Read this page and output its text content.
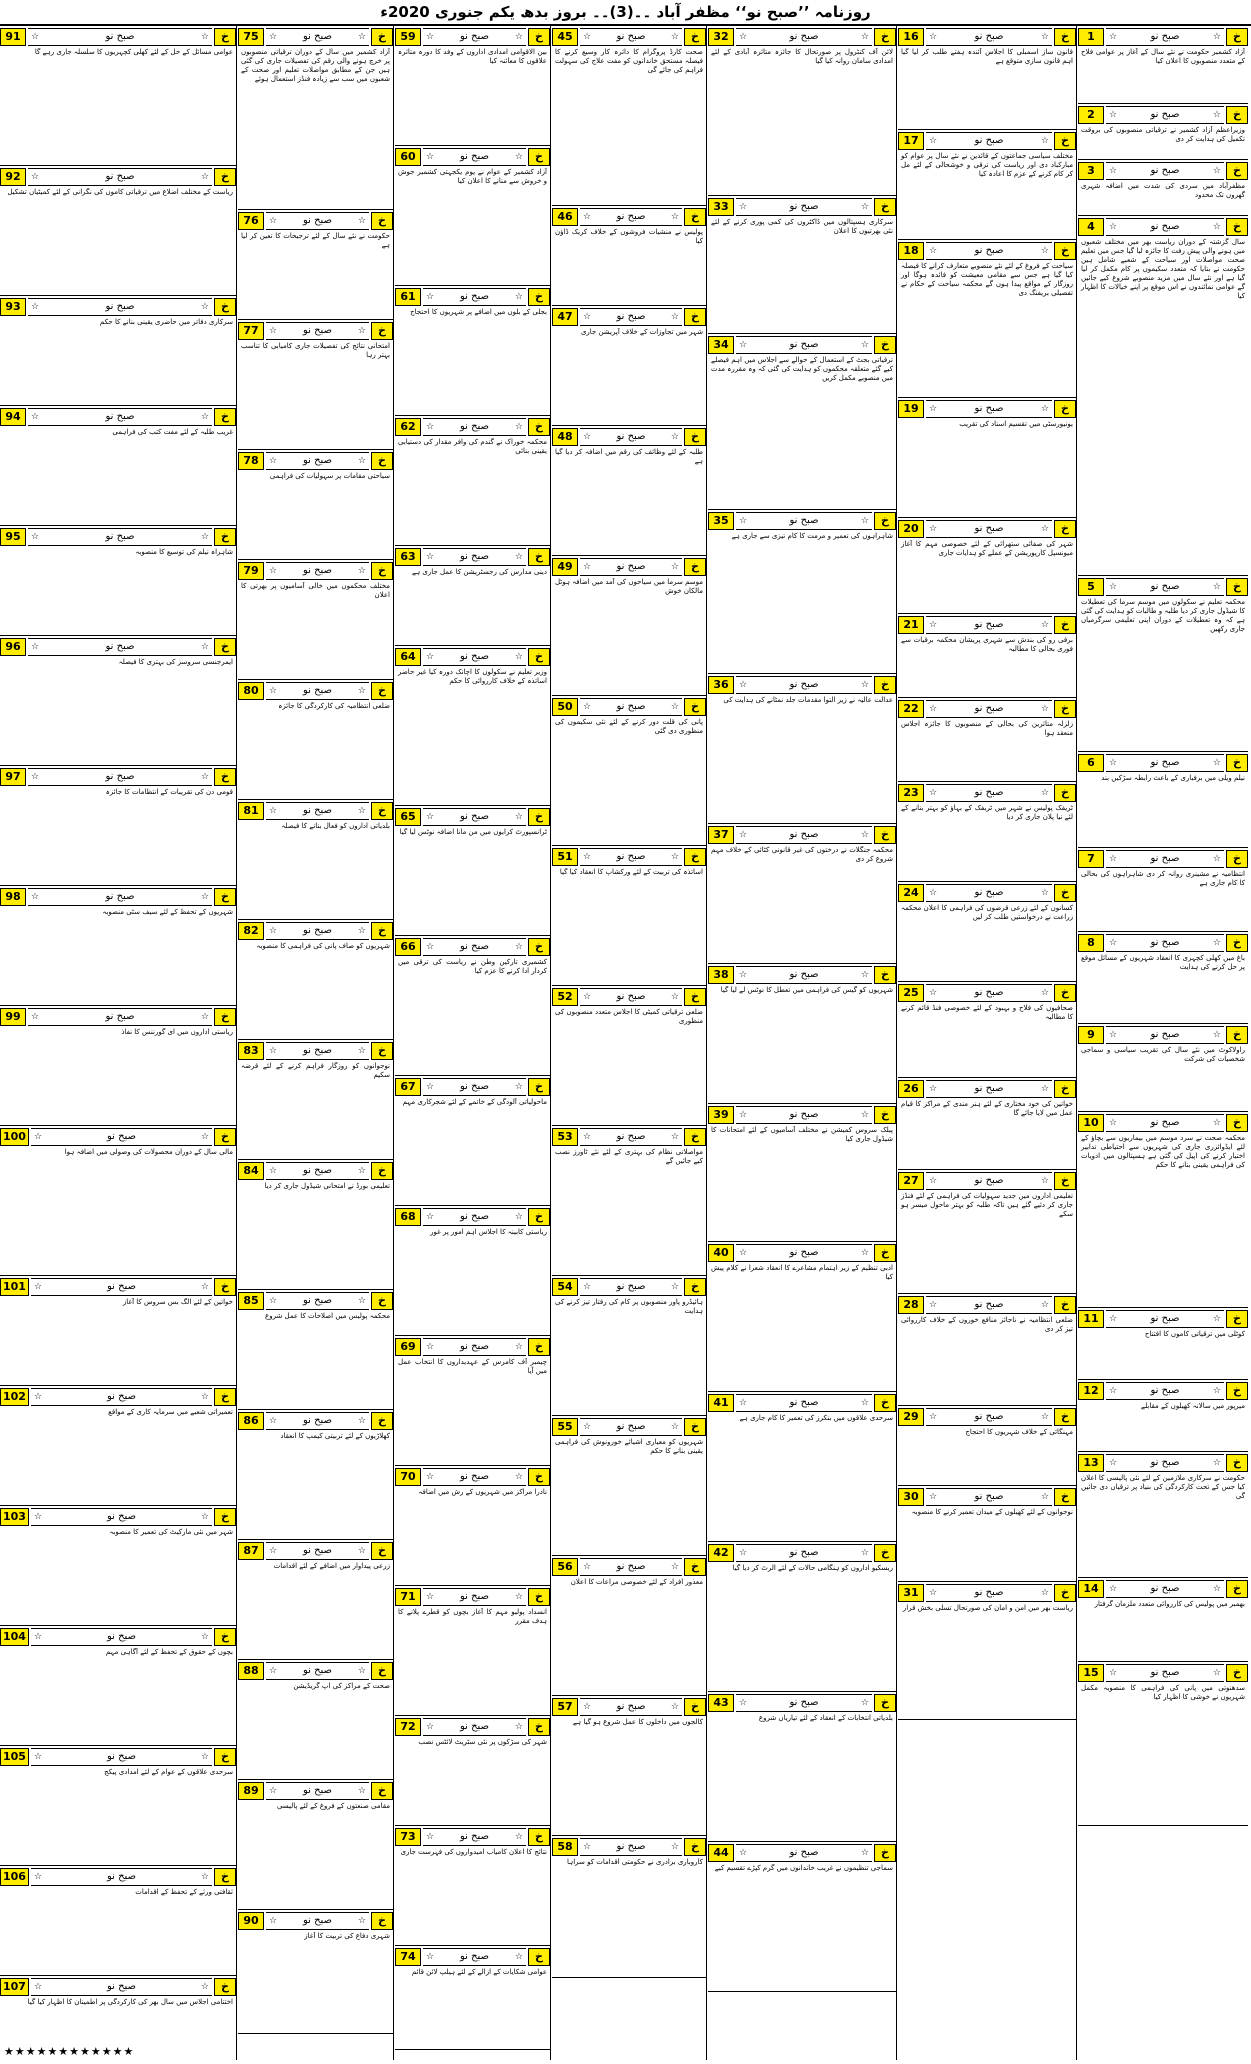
روزنامہ ’’صبح نو‘‘ مظفر آباد ۔۔(3)۔۔ بروز بدھ یکم جنوری 2020ء
1	☆	صبح نو	☆	خ
آزاد کشمیر حکومت نے نئے سال کے آغاز پر عوامی فلاح کے متعدد منصوبوں کا اعلان کیا
2	☆	صبح نو	☆	خ
وزیراعظم آزاد کشمیر نے ترقیاتی منصوبوں کی بروقت تکمیل کی ہدایت کر دی
3	☆	صبح نو	☆	خ
مظفرآباد میں سردی کی شدت میں اضافہ شہری گھروں تک محدود
4	☆	صبح نو	☆	خ
سال گزشتہ کے دوران ریاست بھر میں مختلف شعبوں میں ہونے والی پیش رفت کا جائزہ لیا گیا جس میں تعلیم صحت مواصلات اور سیاحت کے شعبے شامل ہیں حکومت نے بتایا کہ متعدد سکیموں پر کام مکمل کر لیا گیا ہے اور نئے سال میں مزید منصوبے شروع کیے جائیں گے عوامی نمائندوں نے اس موقع پر اپنے خیالات کا اظہار کیا
5	☆	صبح نو	☆	خ
محکمہ تعلیم نے سکولوں میں موسم سرما کی تعطیلات کا شیڈول جاری کر دیا طلبہ و طالبات کو ہدایت کی گئی ہے کہ وہ تعطیلات کے دوران اپنی تعلیمی سرگرمیاں جاری رکھیں
6	☆	صبح نو	☆	خ
نیلم ویلی میں برفباری کے باعث رابطہ سڑکیں بند
7	☆	صبح نو	☆	خ
انتظامیہ نے مشینری روانہ کر دی شاہراہوں کی بحالی کا کام جاری ہے
8	☆	صبح نو	☆	خ
باغ میں کھلی کچہری کا انعقاد شہریوں کے مسائل موقع پر حل کرنے کی ہدایت
9	☆	صبح نو	☆	خ
راولاکوٹ میں نئے سال کی تقریب سیاسی و سماجی شخصیات کی شرکت
10	☆	صبح نو	☆	خ
محکمہ صحت نے سرد موسم میں بیماریوں سے بچاؤ کے لئے ایڈوائزری جاری کی شہریوں سے احتیاطی تدابیر اختیار کرنے کی اپیل کی گئی ہے ہسپتالوں میں ادویات کی فراہمی یقینی بنانے کا حکم
11	☆	صبح نو	☆	خ
کوٹلی میں ترقیاتی کاموں کا افتتاح
12	☆	صبح نو	☆	خ
میرپور میں سالانہ کھیلوں کے مقابلے
13	☆	صبح نو	☆	خ
حکومت نے سرکاری ملازمین کے لئے نئی پالیسی کا اعلان کیا جس کے تحت کارکردگی کی بنیاد پر ترقیاں دی جائیں گی
14	☆	صبح نو	☆	خ
بھمبر میں پولیس کی کارروائی متعدد ملزمان گرفتار
15	☆	صبح نو	☆	خ
سدھنوتی میں پانی کی فراہمی کا منصوبہ مکمل شہریوں نے خوشی کا اظہار کیا
16	☆	صبح نو	☆	خ
قانون ساز اسمبلی کا اجلاس آئندہ ہفتے طلب کر لیا گیا اہم قانون سازی متوقع ہے
17	☆	صبح نو	☆	خ
مختلف سیاسی جماعتوں کے قائدین نے نئے سال پر عوام کو مبارکباد دی اور ریاست کی ترقی و خوشحالی کے لئے مل کر کام کرنے کے عزم کا اعادہ کیا
18	☆	صبح نو	☆	خ
سیاحت کے فروغ کے لئے نئے منصوبے متعارف کرانے کا فیصلہ کیا گیا ہے جس سے مقامی معیشت کو فائدہ ہوگا اور روزگار کے مواقع پیدا ہوں گے محکمہ سیاحت کے حکام نے تفصیلی بریفنگ دی
19	☆	صبح نو	☆	خ
یونیورسٹی میں تقسیم اسناد کی تقریب
20	☆	صبح نو	☆	خ
شہر کی صفائی ستھرائی کے لئے خصوصی مہم کا آغاز میونسپل کارپوریشن کے عملے کو ہدایات جاری
21	☆	صبح نو	☆	خ
برقی رو کی بندش سے شہری پریشان محکمہ برقیات سے فوری بحالی کا مطالبہ
22	☆	صبح نو	☆	خ
زلزلہ متاثرین کی بحالی کے منصوبوں کا جائزہ اجلاس منعقد ہوا
23	☆	صبح نو	☆	خ
ٹریفک پولیس نے شہر میں ٹریفک کے بہاؤ کو بہتر بنانے کے لئے نیا پلان جاری کر دیا
24	☆	صبح نو	☆	خ
کسانوں کے لئے زرعی قرضوں کی فراہمی کا اعلان محکمہ زراعت نے درخواستیں طلب کر لیں
25	☆	صبح نو	☆	خ
صحافیوں کی فلاح و بہبود کے لئے خصوصی فنڈ قائم کرنے کا مطالبہ
26	☆	صبح نو	☆	خ
خواتین کی خود مختاری کے لئے ہنر مندی کے مراکز کا قیام عمل میں لایا جائے گا
27	☆	صبح نو	☆	خ
تعلیمی اداروں میں جدید سہولیات کی فراہمی کے لئے فنڈز جاری کر دئیے گئے ہیں تاکہ طلبہ کو بہتر ماحول میسر ہو سکے
28	☆	صبح نو	☆	خ
ضلعی انتظامیہ نے ناجائز منافع خوروں کے خلاف کارروائی تیز کر دی
29	☆	صبح نو	☆	خ
مہنگائی کے خلاف شہریوں کا احتجاج
30	☆	صبح نو	☆	خ
نوجوانوں کے لئے کھیلوں کے میدان تعمیر کرنے کا منصوبہ
31	☆	صبح نو	☆	خ
ریاست بھر میں امن و امان کی صورتحال تسلی بخش قرار
32	☆	صبح نو	☆	خ
لائن آف کنٹرول پر صورتحال کا جائزہ متاثرہ آبادی کے لئے امدادی سامان روانہ کیا گیا
33	☆	صبح نو	☆	خ
سرکاری ہسپتالوں میں ڈاکٹروں کی کمی پوری کرنے کے لئے نئی بھرتیوں کا اعلان
34	☆	صبح نو	☆	خ
ترقیاتی بجٹ کے استعمال کے حوالے سے اجلاس میں اہم فیصلے کیے گئے متعلقہ محکموں کو ہدایت کی گئی کہ وہ مقررہ مدت میں منصوبے مکمل کریں
35	☆	صبح نو	☆	خ
شاہراہوں کی تعمیر و مرمت کا کام تیزی سے جاری ہے
36	☆	صبح نو	☆	خ
عدالت عالیہ نے زیر التوا مقدمات جلد نمٹانے کی ہدایت کی
37	☆	صبح نو	☆	خ
محکمہ جنگلات نے درختوں کی غیر قانونی کٹائی کے خلاف مہم شروع کر دی
38	☆	صبح نو	☆	خ
شہریوں کو گیس کی فراہمی میں تعطل کا نوٹس لے لیا گیا
39	☆	صبح نو	☆	خ
پبلک سروس کمیشن نے مختلف آسامیوں کے لئے امتحانات کا شیڈول جاری کیا
40	☆	صبح نو	☆	خ
ادبی تنظیم کے زیر اہتمام مشاعرے کا انعقاد شعرا نے کلام پیش کیا
41	☆	صبح نو	☆	خ
سرحدی علاقوں میں بنکرز کی تعمیر کا کام جاری ہے
42	☆	صبح نو	☆	خ
ریسکیو اداروں کو ہنگامی حالات کے لئے الرٹ کر دیا گیا
43	☆	صبح نو	☆	خ
بلدیاتی انتخابات کے انعقاد کے لئے تیاریاں شروع
44	☆	صبح نو	☆	خ
سماجی تنظیموں نے غریب خاندانوں میں گرم کپڑے تقسیم کیے
45	☆	صبح نو	☆	خ
صحت کارڈ پروگرام کا دائرہ کار وسیع کرنے کا فیصلہ مستحق خاندانوں کو مفت علاج کی سہولت فراہم کی جائے گی
46	☆	صبح نو	☆	خ
پولیس نے منشیات فروشوں کے خلاف کریک ڈاؤن کیا
47	☆	صبح نو	☆	خ
شہر میں تجاوزات کے خلاف آپریشن جاری
48	☆	صبح نو	☆	خ
طلبہ کے لئے وظائف کی رقم میں اضافہ کر دیا گیا ہے
49	☆	صبح نو	☆	خ
موسم سرما میں سیاحوں کی آمد میں اضافہ ہوٹل مالکان خوش
50	☆	صبح نو	☆	خ
پانی کی قلت دور کرنے کے لئے نئی سکیموں کی منظوری دی گئی
51	☆	صبح نو	☆	خ
اساتذہ کی تربیت کے لئے ورکشاپ کا انعقاد کیا گیا
52	☆	صبح نو	☆	خ
ضلعی ترقیاتی کمیٹی کا اجلاس متعدد منصوبوں کی منظوری
53	☆	صبح نو	☆	خ
مواصلاتی نظام کی بہتری کے لئے نئے ٹاورز نصب کیے جائیں گے
54	☆	صبح نو	☆	خ
ہائیڈرو پاور منصوبوں پر کام کی رفتار تیز کرنے کی ہدایت
55	☆	صبح نو	☆	خ
شہریوں کو معیاری اشیائے خورونوش کی فراہمی یقینی بنانے کا حکم
56	☆	صبح نو	☆	خ
معذور افراد کے لئے خصوصی مراعات کا اعلان
57	☆	صبح نو	☆	خ
کالجوں میں داخلوں کا عمل شروع ہو گیا ہے
58	☆	صبح نو	☆	خ
کاروباری برادری نے حکومتی اقدامات کو سراہا
59	☆	صبح نو	☆	خ
بین الاقوامی امدادی اداروں کے وفد کا دورہ متاثرہ علاقوں کا معائنہ کیا
60	☆	صبح نو	☆	خ
آزاد کشمیر کے عوام نے یوم یکجہتی کشمیر جوش و خروش سے منانے کا اعلان کیا
61	☆	صبح نو	☆	خ
بجلی کے بلوں میں اضافے پر شہریوں کا احتجاج
62	☆	صبح نو	☆	خ
محکمہ خوراک نے گندم کی وافر مقدار کی دستیابی یقینی بنائی
63	☆	صبح نو	☆	خ
دینی مدارس کی رجسٹریشن کا عمل جاری ہے
64	☆	صبح نو	☆	خ
وزیر تعلیم نے سکولوں کا اچانک دورہ کیا غیر حاضر اساتذہ کے خلاف کارروائی کا حکم
65	☆	صبح نو	☆	خ
ٹرانسپورٹ کرایوں میں من مانا اضافہ نوٹس لیا گیا
66	☆	صبح نو	☆	خ
کشمیری تارکین وطن نے ریاست کی ترقی میں کردار ادا کرنے کا عزم کیا
67	☆	صبح نو	☆	خ
ماحولیاتی آلودگی کے خاتمے کے لئے شجرکاری مہم
68	☆	صبح نو	☆	خ
ریاستی کابینہ کا اجلاس اہم امور پر غور
69	☆	صبح نو	☆	خ
چیمبر آف کامرس کے عہدیداروں کا انتخاب عمل میں آیا
70	☆	صبح نو	☆	خ
نادرا مراکز میں شہریوں کے رش میں اضافہ
71	☆	صبح نو	☆	خ
انسداد پولیو مہم کا آغاز بچوں کو قطرے پلانے کا ہدف مقرر
72	☆	صبح نو	☆	خ
شہر کی سڑکوں پر نئی سٹریٹ لائٹس نصب
73	☆	صبح نو	☆	خ
نتائج کا اعلان کامیاب امیدواروں کی فہرست جاری
74	☆	صبح نو	☆	خ
عوامی شکایات کے ازالے کے لئے ہیلپ لائن قائم
75	☆	صبح نو	☆	خ
آزاد کشمیر میں سال کے دوران ترقیاتی منصوبوں پر خرچ ہونے والی رقم کی تفصیلات جاری کی گئی ہیں جن کے مطابق مواصلات تعلیم اور صحت کے شعبوں میں سب سے زیادہ فنڈز استعمال ہوئے
76	☆	صبح نو	☆	خ
حکومت نے نئے سال کے لئے ترجیحات کا تعین کر لیا ہے
77	☆	صبح نو	☆	خ
امتحانی نتائج کی تفصیلات جاری کامیابی کا تناسب بہتر رہا
78	☆	صبح نو	☆	خ
سیاحتی مقامات پر سہولیات کی فراہمی
79	☆	صبح نو	☆	خ
مختلف محکموں میں خالی آسامیوں پر بھرتی کا اعلان
80	☆	صبح نو	☆	خ
ضلعی انتظامیہ کی کارکردگی کا جائزہ
81	☆	صبح نو	☆	خ
بلدیاتی اداروں کو فعال بنانے کا فیصلہ
82	☆	صبح نو	☆	خ
شہریوں کو صاف پانی کی فراہمی کا منصوبہ
83	☆	صبح نو	☆	خ
نوجوانوں کو روزگار فراہم کرنے کے لئے قرضہ سکیم
84	☆	صبح نو	☆	خ
تعلیمی بورڈ نے امتحانی شیڈول جاری کر دیا
85	☆	صبح نو	☆	خ
محکمہ پولیس میں اصلاحات کا عمل شروع
86	☆	صبح نو	☆	خ
کھلاڑیوں کے لئے تربیتی کیمپ کا انعقاد
87	☆	صبح نو	☆	خ
زرعی پیداوار میں اضافے کے لئے اقدامات
88	☆	صبح نو	☆	خ
صحت کے مراکز کی اپ گریڈیشن
89	☆	صبح نو	☆	خ
مقامی صنعتوں کے فروغ کے لئے پالیسی
90	☆	صبح نو	☆	خ
شہری دفاع کی تربیت کا آغاز
91	☆	صبح نو	☆	خ
عوامی مسائل کے حل کے لئے کھلی کچہریوں کا سلسلہ جاری رہے گا
92	☆	صبح نو	☆	خ
ریاست کے مختلف اضلاع میں ترقیاتی کاموں کی نگرانی کے لئے کمیٹیاں تشکیل
93	☆	صبح نو	☆	خ
سرکاری دفاتر میں حاضری یقینی بنانے کا حکم
94	☆	صبح نو	☆	خ
غریب طلبہ کے لئے مفت کتب کی فراہمی
95	☆	صبح نو	☆	خ
شاہراہ نیلم کی توسیع کا منصوبہ
96	☆	صبح نو	☆	خ
ایمرجنسی سروسز کی بہتری کا فیصلہ
97	☆	صبح نو	☆	خ
قومی دن کی تقریبات کے انتظامات کا جائزہ
98	☆	صبح نو	☆	خ
شہریوں کے تحفظ کے لئے سیف سٹی منصوبہ
99	☆	صبح نو	☆	خ
ریاستی اداروں میں ای گورننس کا نفاذ
100 ☆	صبح نو	☆	خ
مالی سال کے دوران محصولات کی وصولی میں اضافہ ہوا
101 ☆	صبح نو	☆	خ
خواتین کے لئے الگ بس سروس کا آغاز
102 ☆	صبح نو	☆	خ
تعمیراتی شعبے میں سرمایہ کاری کے مواقع
103 ☆	صبح نو	☆	خ
شہر میں نئی مارکیٹ کی تعمیر کا منصوبہ
104 ☆	صبح نو	☆	خ
بچوں کے حقوق کے تحفظ کے لئے آگاہی مہم
105 ☆	صبح نو	☆	خ
سرحدی علاقوں کے عوام کے لئے امدادی پیکج
106 ☆	صبح نو	☆	خ
ثقافتی ورثے کے تحفظ کے اقدامات
107 ☆	صبح نو	☆	خ
اختتامی اجلاس میں سال بھر کی کارکردگی پر اطمینان کا اظہار کیا گیا
★★★★★★★★★★★★
